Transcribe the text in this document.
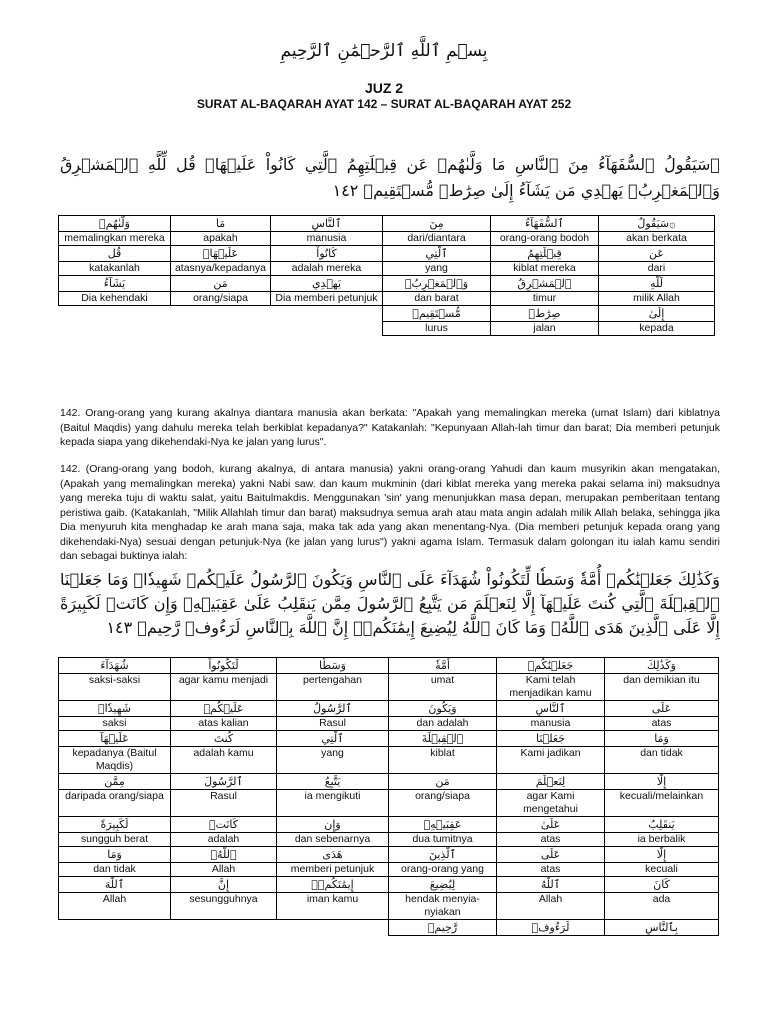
بِسۡمِ ٱللَّهِ ٱلرَّحۡمَٰنِ ٱلرَّحِيمِ
JUZ 2
SURAT AL-BAQARAH AYAT 142 – SURAT AL-BAQARAH AYAT 252
۞سَيَقُولُ ٱلسُّفَهَآءُ مِنَ ٱلنَّاسِ مَا وَلَّىٰهُمۡ عَن قِبۡلَتِهِمُ ٱلَّتِي كَانُواْ عَلَيۡهَاۚ قُل لِّلَّهِ ٱلۡمَشۡرِقُ وَٱلۡمَغۡرِبُۚ يَهۡدِي مَن يَشَآءُ إِلَىٰ صِرَٰطٖ مُّسۡتَقِيمٖ ١٤٢
وَلَّىٰهُمۡ	مَا	ٱلنَّاسِ	مِنَ	ٱلسُّفَهَآءُ	۞سَيَقُولُ
memalingkan mereka	apakah	manusia	dari/diantara	orang-orang bodoh	akan berkata
قُل	عَلَيۡهَاۚ	كَانُواْ	ٱلَّتِي	قِبۡلَتِهِمُ	عَن
katakanlah	atasnya/kepadanya	adalah mereka	yang	kiblat mereka	dari
يَشَآءُ	مَن	يَهۡدِي	وَٱلۡمَغۡرِبُۚ	ٱلۡمَشۡرِقُ	لِّلَّهِ
Dia kehendaki	orang/siapa	Dia memberi petunjuk	dan barat	timur	milik Allah
			مُّسۡتَقِيمٖ	صِرَٰطٖ	إِلَىٰ
			lurus	jalan	kepada
142. Orang-orang yang kurang akalnya diantara manusia akan berkata: "Apakah yang memalingkan mereka (umat Islam) dari kiblatnya (Baitul Maqdis) yang dahulu mereka telah berkiblat kepadanya?" Katakanlah: "Kepunyaan Allah-lah timur dan barat; Dia memberi petunjuk kepada siapa yang dikehendaki-Nya ke jalan yang lurus".
142. (Orang-orang yang bodoh, kurang akalnya, di antara manusia) yakni orang-orang Yahudi dan kaum musyrikin akan mengatakan, (Apakah yang memalingkan mereka) yakni Nabi saw. dan kaum mukminin (dari kiblat mereka yang mereka pakai selama ini) maksudnya yang mereka tuju di waktu salat, yaitu Baitulmakdis. Menggunakan 'sin' yang menunjukkan masa depan, merupakan pemberitaan tentang peristiwa gaib. (Katakanlah, "Milik Allahlah timur dan barat) maksudnya semua arah atau mata angin adalah milik Allah belaka, sehingga jika Dia menyuruh kita menghadap ke arah mana saja, maka tak ada yang akan menentang-Nya. (Dia memberi petunjuk kepada orang yang dikehendaki-Nya) sesuai dengan petunjuk-Nya (ke jalan yang lurus") yakni agama Islam. Termasuk dalam golongan itu ialah kamu sendiri dan sebagai buktinya ialah:
وَكَذَٰلِكَ جَعَلۡنَٰكُمۡ أُمَّةٗ وَسَطٗا لِّتَكُونُواْ شُهَدَآءَ عَلَى ٱلنَّاسِ وَيَكُونَ ٱلرَّسُولُ عَلَيۡكُمۡ شَهِيدٗاۗ وَمَا جَعَلۡنَا ٱلۡقِبۡلَةَ ٱلَّتِي كُنتَ عَلَيۡهَآ إِلَّا لِنَعۡلَمَ مَن يَتَّبِعُ ٱلرَّسُولَ مِمَّن يَنقَلِبُ عَلَىٰ عَقِبَيۡهِۚ وَإِن كَانَتۡ لَكَبِيرَةً إِلَّا عَلَى ٱلَّذِينَ هَدَى ٱللَّهُۗ وَمَا كَانَ ٱللَّهُ لِيُضِيعَ إِيمَٰنَكُمۡۚ إِنَّ ٱللَّهَ بِٱلنَّاسِ لَرَءُوفٞ رَّحِيمٞ ١٤٣
شُهَدَآءَ	لِّتَكُونُواْ	وَسَطٗا	أُمَّةٗ	جَعَلۡنَٰكُمۡ	وَكَذَٰلِكَ
saksi-saksi	agar kamu menjadi	pertengahan	umat	Kami telah menjadikan kamu	dan demikian itu
شَهِيدٗاۗ	عَلَيۡكُمۡ	ٱلرَّسُولُ	وَيَكُونَ	ٱلنَّاسِ	عَلَى
saksi	atas kalian	Rasul	dan adalah	manusia	atas
عَلَيۡهَآ	كُنتَ	ٱلَّتِي	ٱلۡقِبۡلَةَ	جَعَلۡنَا	وَمَا
kepadanya (Baitul Maqdis)	adalah kamu	yang	kiblat	Kami jadikan	dan tidak
مِمَّن	ٱلرَّسُولَ	يَتَّبِعُ	مَن	لِنَعۡلَمَ	إِلَّا
daripada orang/siapa	Rasul	ia mengikuti	orang/siapa	agar Kami mengetahui	kecuali/melainkan
لَكَبِيرَةً	كَانَتۡ	وَإِن	عَقِبَيۡهِۚ	عَلَىٰ	يَنقَلِبُ
sungguh berat	adalah	dan sebenarnya	dua tumitnya	atas	ia berbalik
وَمَا	ٱللَّهُۗ	هَدَى	ٱلَّذِينَ	عَلَى	إِلَّا
dan tidak	Allah	memberi petunjuk	orang-orang yang	atas	kecuali
ٱللَّهَ	إِنَّ	إِيمَٰنَكُمۡۚ	لِيُضِيعَ	ٱللَّهُ	كَانَ
Allah	sesungguhnya	iman kamu	hendak menyia-nyiakan	Allah	ada
			رَّحِيمٞ	لَرَءُوفٞ	بِٱلنَّاسِ
